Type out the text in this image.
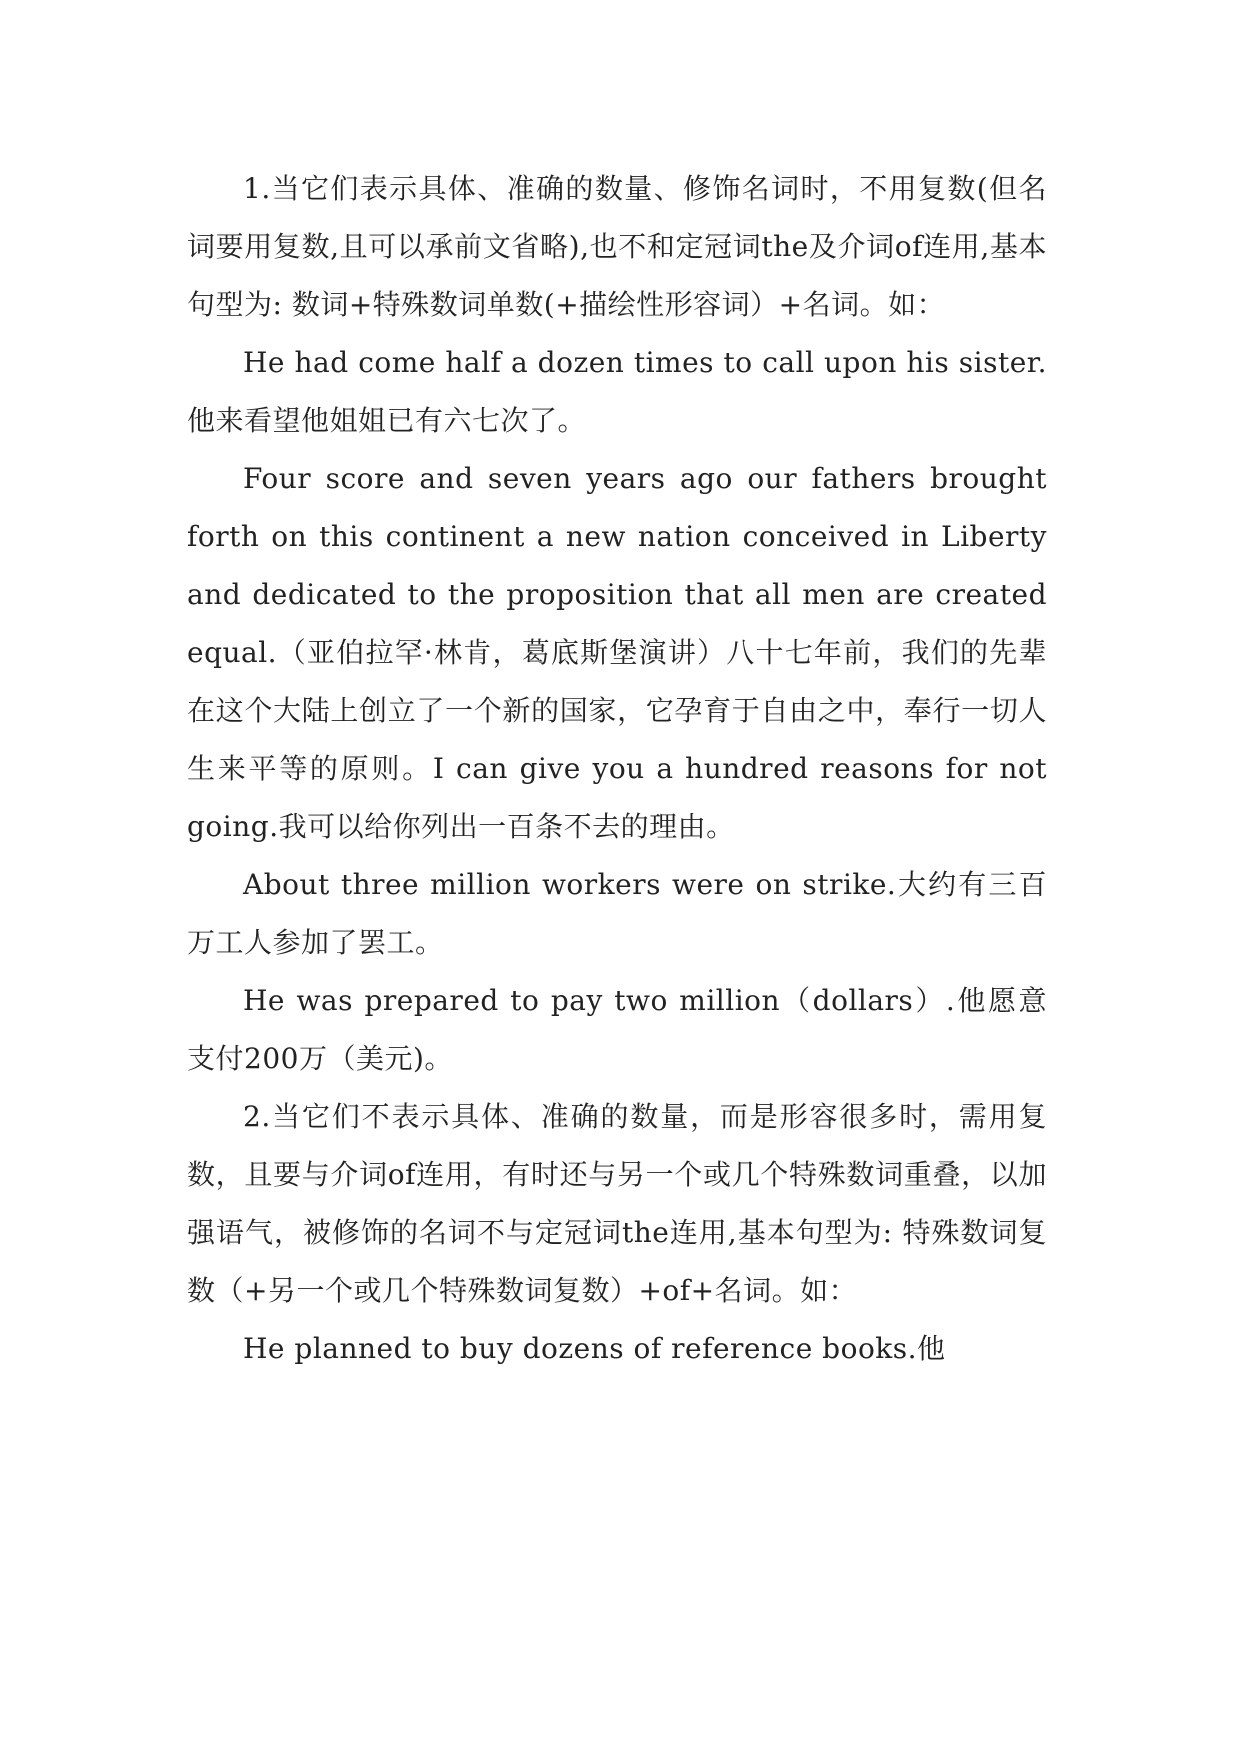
1.当它们表示具体、准确的数量、修饰名词时，不用复数(但名词要用复数,且可以承前文省略),也不和定冠词the及介词of连用,基本句型为: 数词+特殊数词单数(+描绘性形容词）+名词。如：

He had come half a dozen times to call upon his sister.他来看望他姐姐已有六七次了。

Four score and seven years ago our fathers brought forth on this continent a new nation conceived in Liberty and dedicated to the proposition that all men are created equal.（亚伯拉罕·林肯，葛底斯堡演讲）八十七年前，我们的先辈在这个大陆上创立了一个新的国家，它孕育于自由之中，奉行一切人生来平等的原则。I can give you a hundred reasons for not going.我可以给你列出一百条不去的理由。

About three million workers were on strike.大约有三百万工人参加了罢工。

He was prepared to pay two million（dollars）.他愿意支付200万（美元)。

2.当它们不表示具体、准确的数量，而是形容很多时，需用复数，且要与介词of连用，有时还与另一个或几个特殊数词重叠，以加强语气，被修饰的名词不与定冠词the连用,基本句型为: 特殊数词复数（+另一个或几个特殊数词复数）+of+名词。如：

He planned to buy dozens of reference books.他
